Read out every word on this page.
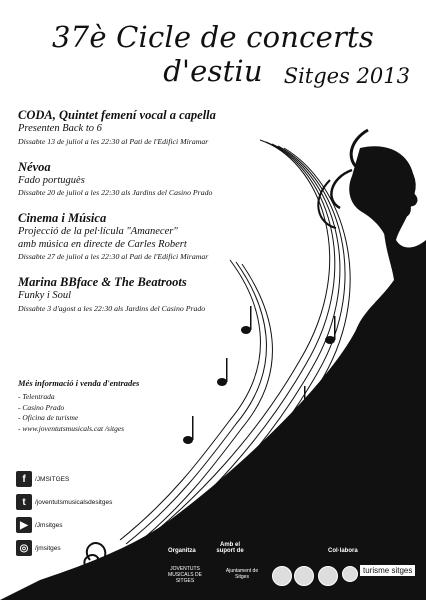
37è Cicle de concerts d'estiu Sitges 2013
CODA, Quintet femení vocal a capella
Presenten Back to 6
Dissabte 13 de juliol a les 22:30 al Pati de l'Edifici Miramar
Névoa
Fado portuguès
Dissabte 20 de juliol a les 22:30 als Jardins del Casino Prado
Cinema i Música
Projecció de la pel·lícula "Amanecer"
amb música en directe de Carles Robert
Dissabte 27 de juliol a les 22:30 al Pati de l'Edifici Miramar
Marina BBface & The Beatroots
Funky i Soul
Dissabte 3 d'agost a les 22:30 als Jardins del Casino Prado
Més informació i venda d'entrades
- Telentrada
- Casino Prado
- Oficina de turisme
- www.joventutsmusicals.cat /sitges
f	/JMSITGES
t	/joventutsmusicalsdesitges
▶	/Jmsitges
◎	/jmsitges	Organitza
Amb el suport de	Col·labora
JOVENTUTS MUSICALS DE SITGES
Ajuntament de Sitges
turisme sitges
